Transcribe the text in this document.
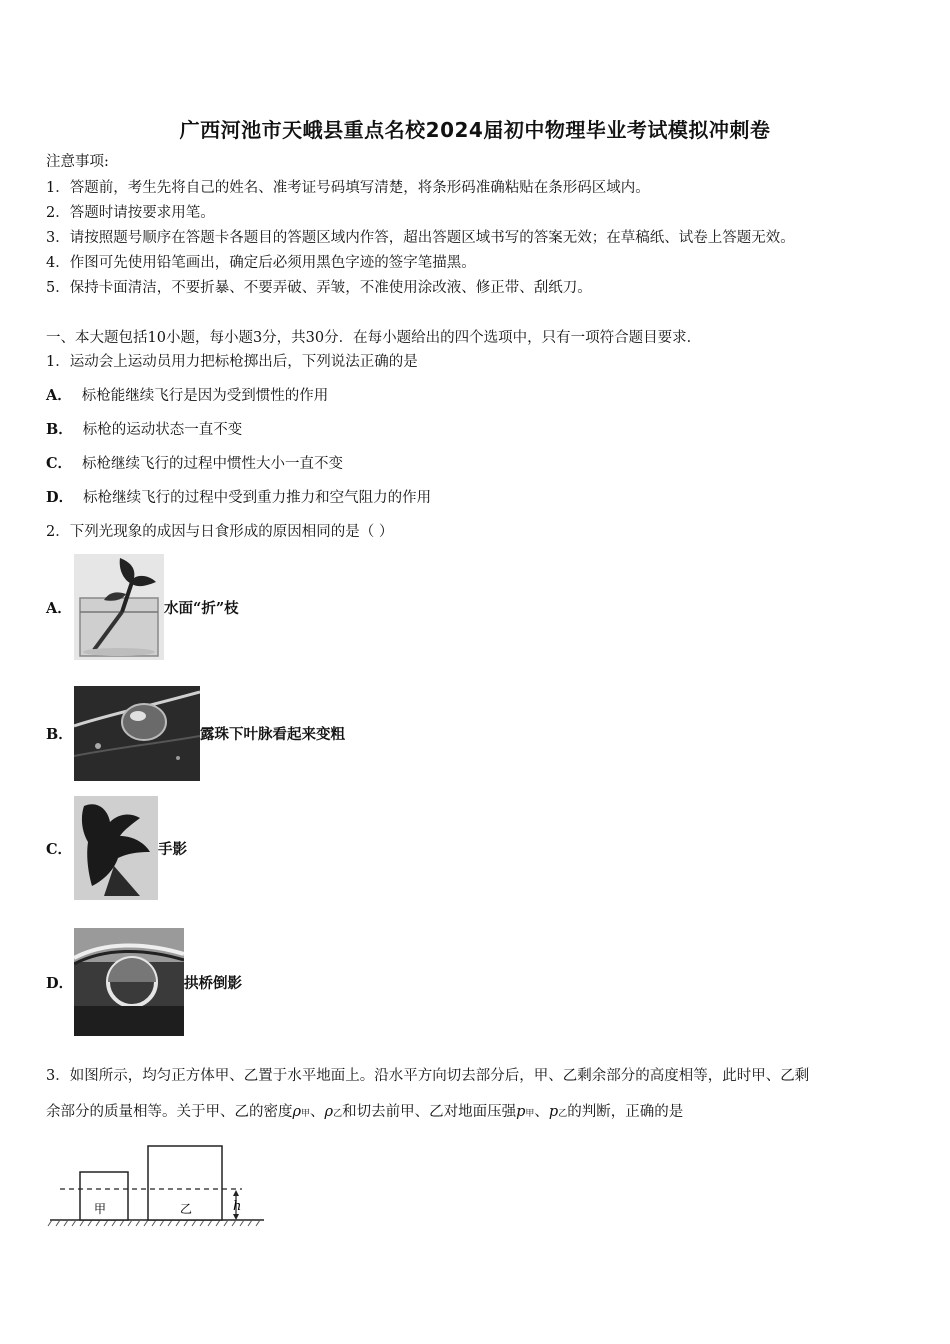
广西河池市天峨县重点名校2024届初中物理毕业考试模拟冲刺卷
注意事项:
1．答题前，考生先将自己的姓名、准考证号码填写清楚，将条形码准确粘贴在条形码区域内。
2．答题时请按要求用笔。
3．请按照题号顺序在答题卡各题目的答题区域内作答，超出答题区域书写的答案无效；在草稿纸、试卷上答题无效。
4．作图可先使用铅笔画出，确定后必须用黑色字迹的签字笔描黑。
5．保持卡面清洁，不要折暴、不要弄破、弄皱，不准使用涂改液、修正带、刮纸刀。
一、本大题包括10小题，每小题3分，共30分．在每小题给出的四个选项中，只有一项符合题目要求．
1．运动会上运动员用力把标枪掷出后，下列说法正确的是
A． 标枪能继续飞行是因为受到惯性的作用
B． 标枪的运动状态一直不变
C． 标枪继续飞行的过程中惯性大小一直不变
D． 标枪继续飞行的过程中受到重力推力和空气阻力的作用
2．下列光现象的成因与日食形成的原因相同的是（ ）
A．	水面“折”枝
B．	露珠下叶脉看起来变粗
C．	手影
D．	拱桥倒影
3．如图所示，均匀正方体甲、乙置于水平地面上。沿水平方向切去部分后，甲、乙剩余部分的高度相等，此时甲、乙剩
余部分的质量相等。关于甲、乙的密度ρ甲、ρ乙和切去前甲、乙对地面压强p甲、p乙的判断，正确的是
甲	乙	h
